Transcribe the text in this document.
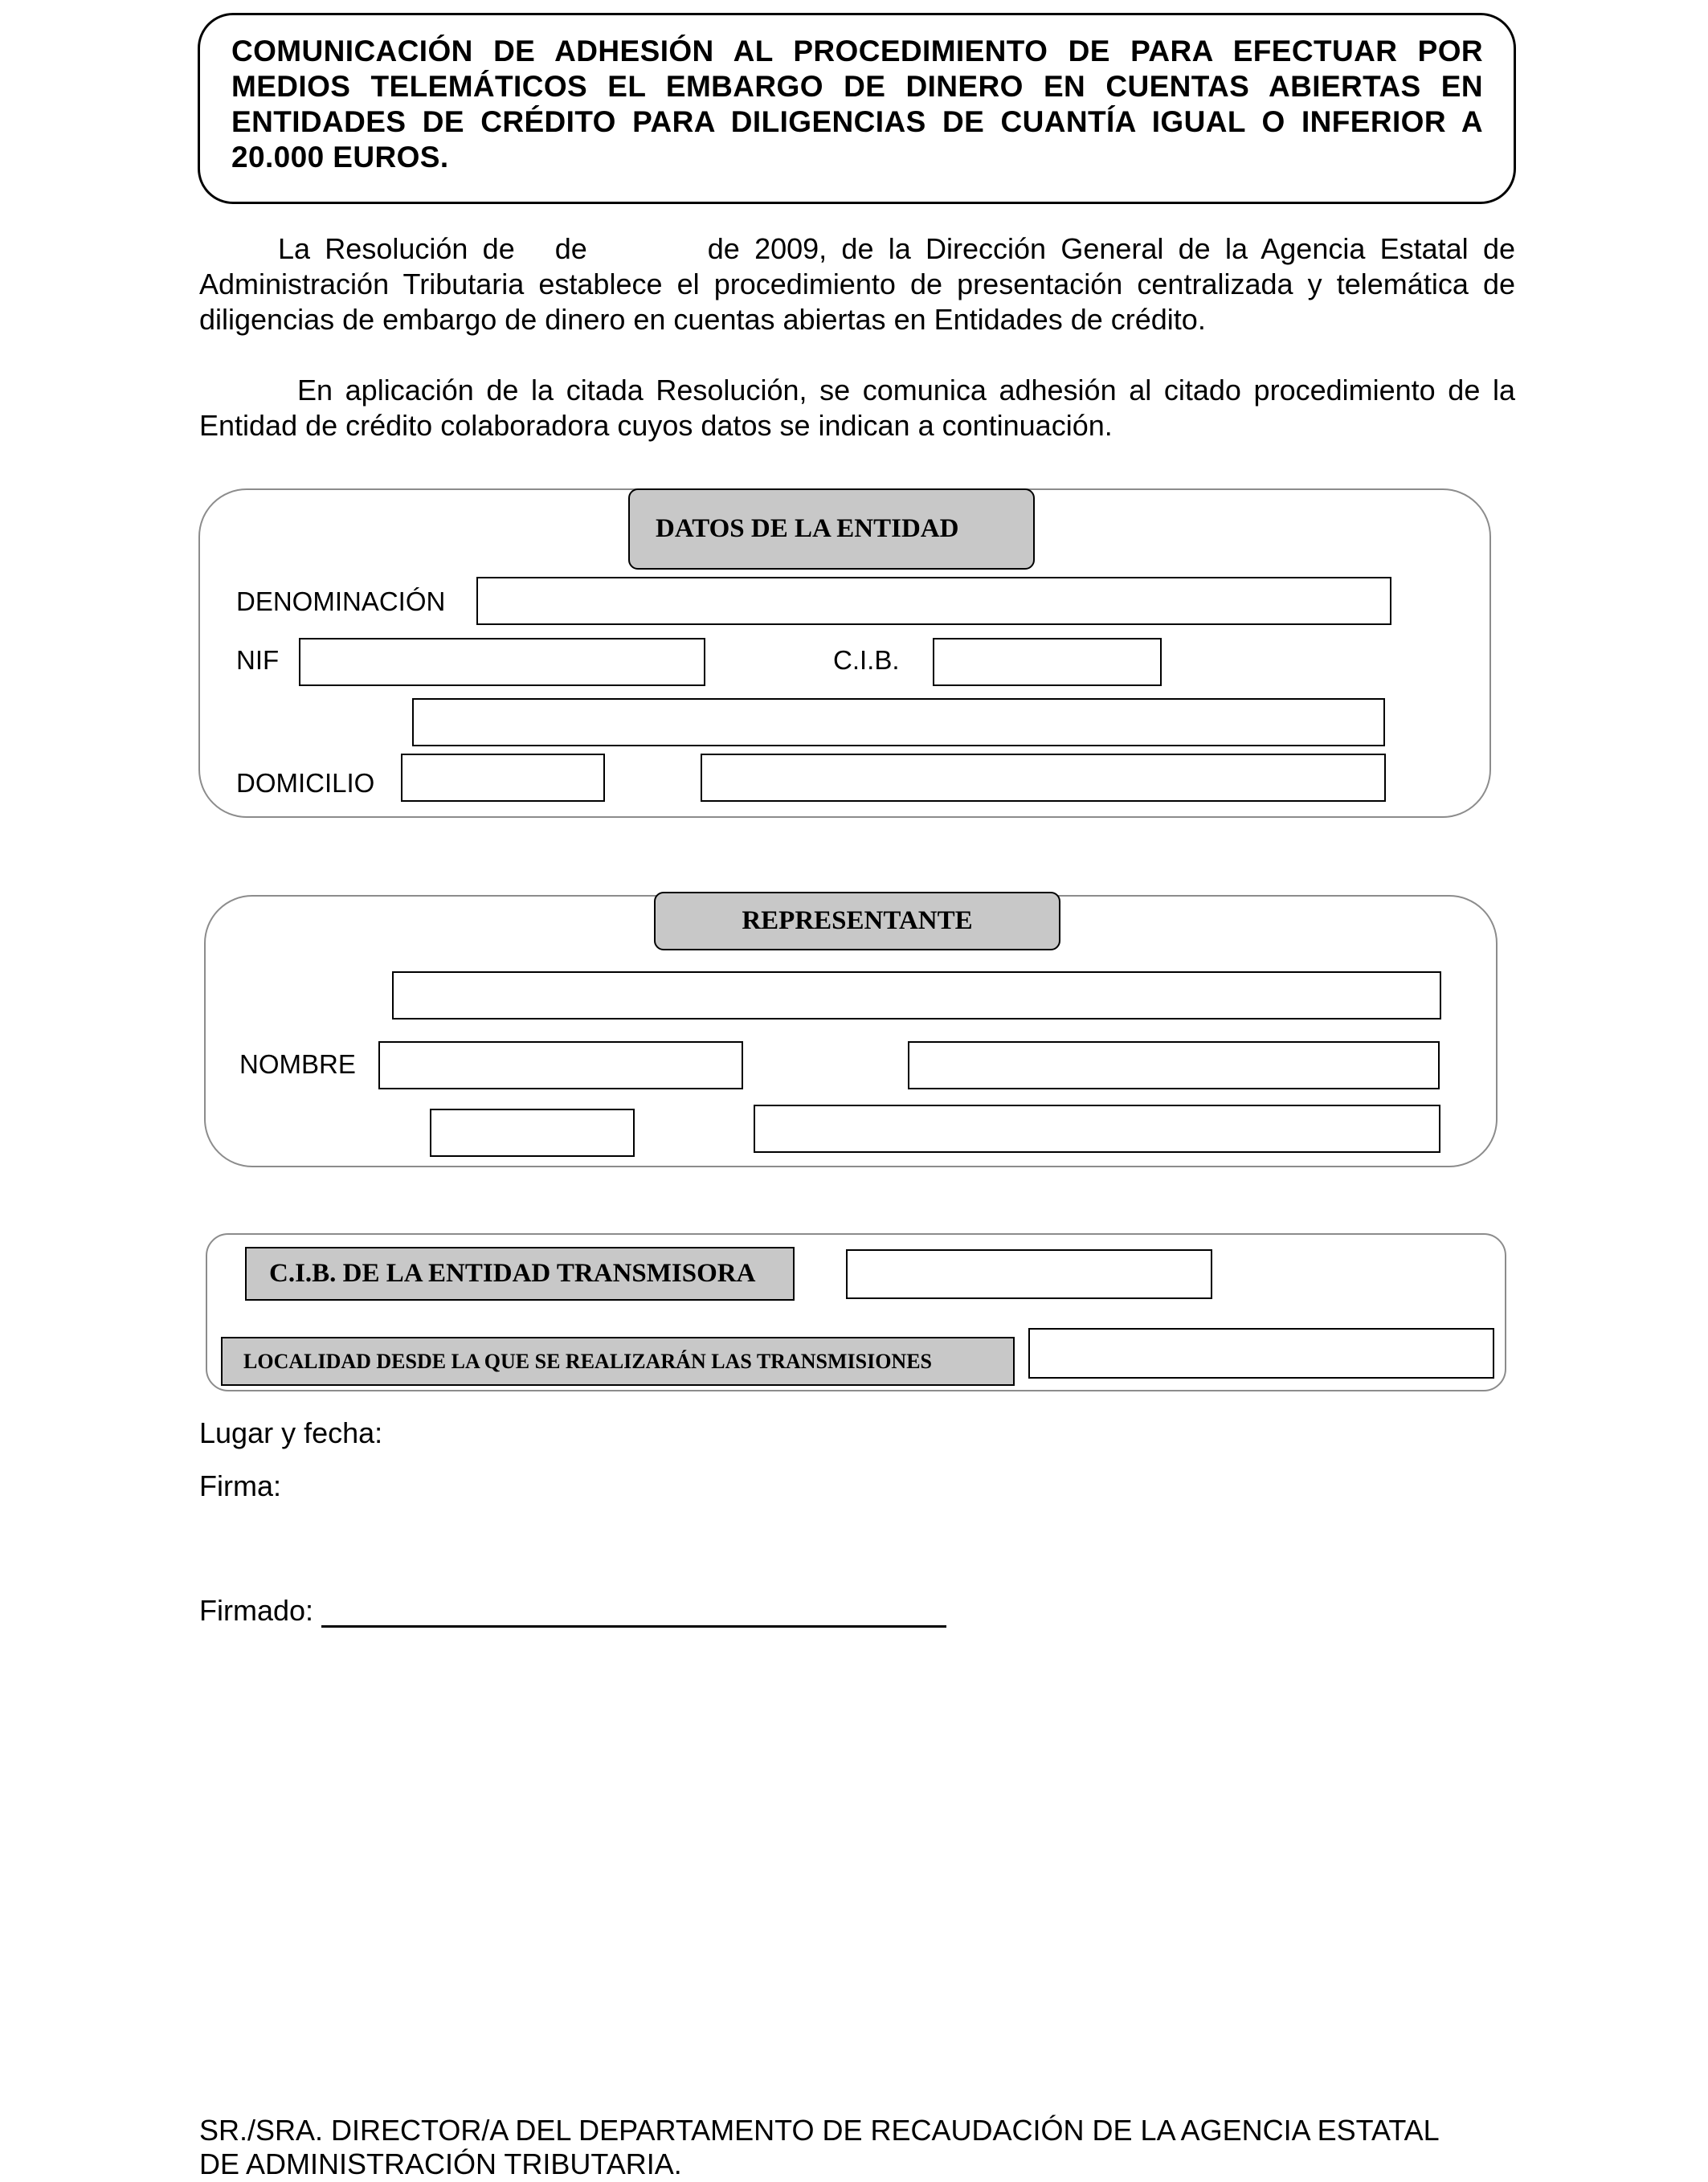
COMUNICACIÓN DE ADHESIÓN AL PROCEDIMIENTO DE PARA EFECTUAR POR MEDIOS TELEMÁTICOS EL EMBARGO DE DINERO EN CUENTAS ABIERTAS EN ENTIDADES DE CRÉDITO PARA DILIGENCIAS DE CUANTÍA IGUAL O INFERIOR A 20.000 EUROS.
La Resolución de de	de 2009, de la Dirección General de la Agencia Estatal de Administración Tributaria establece el procedimiento de presentación centralizada y telemática de diligencias de embargo de dinero en cuentas abiertas en Entidades de crédito.
En aplicación de la citada Resolución, se comunica adhesión al citado procedimiento de la Entidad de crédito colaboradora cuyos datos se indican a continuación.
DATOS DE LA ENTIDAD
DENOMINACIÓN
NIF	C.I.B.
DOMICILIO
REPRESENTANTE
NOMBRE
C.I.B. DE LA ENTIDAD TRANSMISORA
LOCALIDAD DESDE LA QUE SE REALIZARÁN LAS TRANSMISIONES
Lugar y fecha:
Firma:
Firmado:
SR./SRA. DIRECTOR/A DEL DEPARTAMENTO DE RECAUDACIÓN DE LA AGENCIA ESTATAL
DE ADMINISTRACIÓN TRIBUTARIA.
